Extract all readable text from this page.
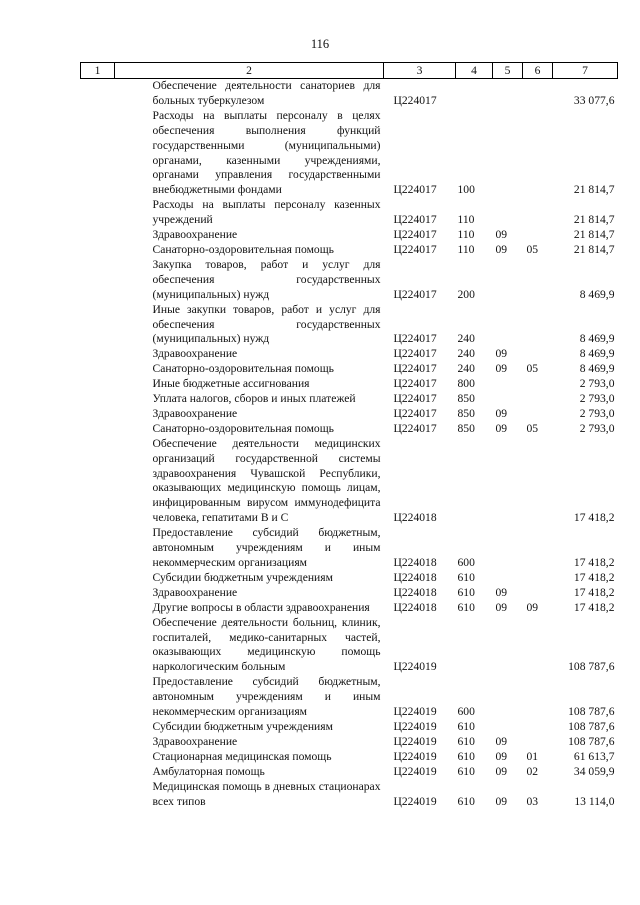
116
1	2	3	4	5	6	7
	Обеспечение деятельности санаториев для больных туберкулезом	Ц224017				33 077,6
	Расходы на выплаты персоналу в целях обеспечения выполнения функций государственными (муниципальными) органами, казенными учреждениями, органами управления государственными внебюджетными фондами	Ц224017	100			21 814,7
	Расходы на выплаты персоналу казенных учреждений	Ц224017	110			21 814,7
	Здравоохранение	Ц224017	110	09		21 814,7
	Санаторно-оздоровительная помощь	Ц224017	110	09	05	21 814,7
	Закупка товаров, работ и услуг для обеспечения государственных (муниципальных) нужд	Ц224017	200			8 469,9
	Иные закупки товаров, работ и услуг для обеспечения государственных (муниципальных) нужд	Ц224017	240			8 469,9
	Здравоохранение	Ц224017	240	09		8 469,9
	Санаторно-оздоровительная помощь	Ц224017	240	09	05	8 469,9
	Иные бюджетные ассигнования	Ц224017	800			2 793,0
	Уплата налогов, сборов и иных платежей	Ц224017	850			2 793,0
	Здравоохранение	Ц224017	850	09		2 793,0
	Санаторно-оздоровительная помощь	Ц224017	850	09	05	2 793,0
	Обеспечение деятельности медицинских организаций государственной системы здравоохранения Чувашской Республики, оказывающих медицинскую помощь лицам, инфицированным вирусом иммунодефицита человека, гепатитами B и C	Ц224018				17 418,2
	Предоставление субсидий бюджетным, автономным учреждениям и иным некоммерческим организациям	Ц224018	600			17 418,2
	Субсидии бюджетным учреждениям	Ц224018	610			17 418,2
	Здравоохранение	Ц224018	610	09		17 418,2
	Другие вопросы в области здравоохранения	Ц224018	610	09	09	17 418,2
	Обеспечение деятельности больниц, клиник, госпиталей, медико-санитарных частей, оказывающих медицинскую помощь наркологическим больным	Ц224019				108 787,6
	Предоставление субсидий бюджетным, автономным учреждениям и иным некоммерческим организациям	Ц224019	600			108 787,6
	Субсидии бюджетным учреждениям	Ц224019	610			108 787,6
	Здравоохранение	Ц224019	610	09		108 787,6
	Стационарная медицинская помощь	Ц224019	610	09	01	61 613,7
	Амбулаторная помощь	Ц224019	610	09	02	34 059,9
	Медицинская помощь в дневных стационарах всех типов	Ц224019	610	09	03	13 114,0
